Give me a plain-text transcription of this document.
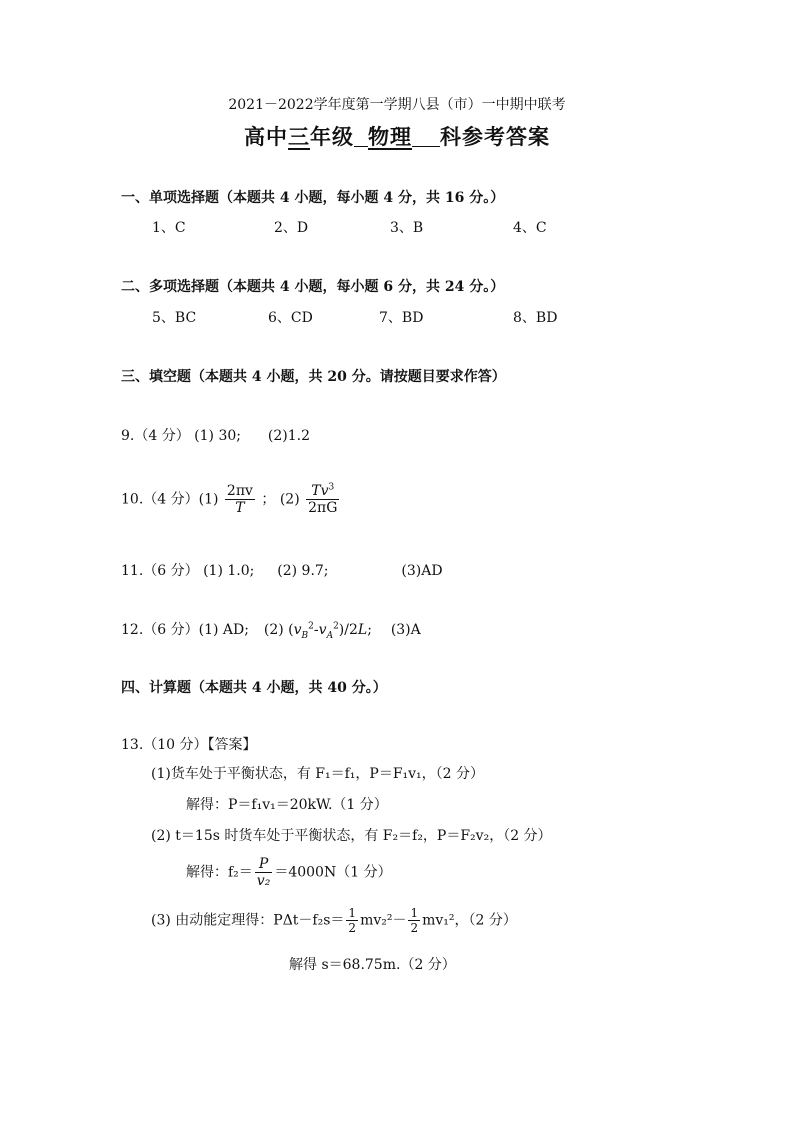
2021－2022学年度第一学期八县（市）一中期中联考
高中三年级 物理 科参考答案
一、单项选择题（本题共 4 小题，每小题 4 分，共 16 分。）
1、C	2、D	3、B	4、C
二、多项选择题（本题共 4 小题，每小题 6 分，共 24 分。）
5、BC	6、CD	7、BD	8、BD
三、填空题（本题共 4 小题，共 20 分。请按题目要求作答）
9.（4 分） (1) 30; (2)1.2
10.（4 分）$(1) \frac{2\pi v}{T}$ ； $(2) \frac{Tv^3}{2\pi G}$
11.（6 分） (1) 1.0; (2) 9.7;	(3)AD
12.（6 分）(1) AD; (2) $(v_B^2-v_A^2)/2L$; (3)A
四、计算题（本题共 4 小题，共 40 分。）
13.（10 分）【答案】
(1)货车处于平衡状态，有 F₁＝f₁，P＝F₁v₁，（2 分）
解得：P＝f₁v₁＝20kW.（1 分）
(2) t＝15s 时货车处于平衡状态，有 F₂＝f₂，P＝F₂v₂，（2 分）
解得：$f_2= \frac{P}{\text{v₂}} =4000N(1$ 分）
(3) 由动能定理得：$P\Delta t-f_2s= \frac{1}{2} mv_2^2- \frac{1}{2} mv_1^2$，（2 分）
解得 s＝68.75m.（2 分）
